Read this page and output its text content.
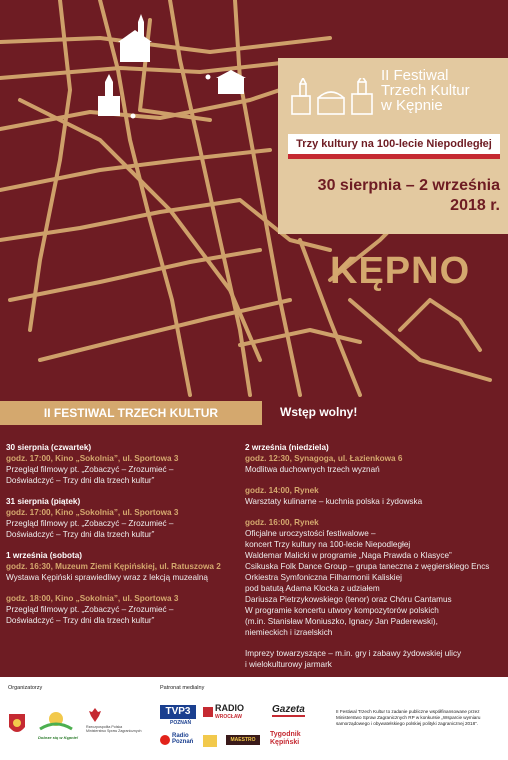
II Festiwal
Trzech Kultur
w Kępnie
Trzy kultury na 100-lecie Niepodległej
30 sierpnia – 2 września
2018 r.
KĘPNO
II FESTIWAL TRZECH KULTUR	Wstęp wolny!
30 sierpnia (czwartek)
godz. 17:00, Kino „Sokolnia”, ul. Sportowa 3
Przegląd filmowy pt. „Zobaczyć – Zrozumieć –
Doświadczyć – Trzy dni dla trzech kultur”
31 sierpnia (piątek)
godz. 17:00, Kino „Sokolnia”, ul. Sportowa 3
Przegląd filmowy pt. „Zobaczyć – Zrozumieć –
Doświadczyć – Trzy dni dla trzech kultur”
1 września (sobota)
godz. 16:30, Muzeum Ziemi Kępińskiej, ul. Ratuszowa 2
Wystawa Kępiński sprawiedliwy wraz z lekcją muzealną
godz. 18:00, Kino „Sokolnia”, ul. Sportowa 3
Przegląd filmowy pt. „Zobaczyć – Zrozumieć –
Doświadczyć – Trzy dni dla trzech kultur”
2 września (niedziela)
godz. 12:30, Synagoga, ul. Łazienkowa 6
Modlitwa duchownych trzech wyznań
godz. 14:00, Rynek
Warsztaty kulinarne – kuchnia polska i żydowska
godz. 16:00, Rynek
Oficjalne uroczystości festiwalowe –
koncert Trzy kultury na 100-lecie Niepodległej
Waldemar Malicki w programie „Naga Prawda o Klasyce”
Csikuska Folk Dance Group – grupa taneczna z węgierskiego Encs
Orkiestra Symfoniczna Filharmonii Kaliskiej
pod batutą Adama Klocka z udziałem
Dariusza Pietrzykowskiego (tenor) oraz Chóru Cantamus
W programie koncertu utwory kompozytorów polskich
(m.in. Stanisław Moniuszko, Ignacy Jan Paderewski),
niemieckich i izraelskich
Imprezy towarzyszące – m.in. gry i zabawy żydowskiej ulicy
i wielokulturowy jarmark
Organizatorzy	Patronat medialny
Dobrze się w Kępnie!
Rzeczpospolita Polska
Ministerstwo Spraw Zagranicznych
TVP3
POZNAŃ
RADIO
WROCŁAW
Gazeta
Radio
Poznań	MAESTRO
Tygodnik
Kępiński
II Festiwal Trzech Kultur to zadanie publiczne współfinansowane przez Ministerstwo Spraw Zagranicznych RP w konkursie „Wsparcie wymiaru samorządowego i obywatelskiego polskiej polityki zagranicznej 2018”.
